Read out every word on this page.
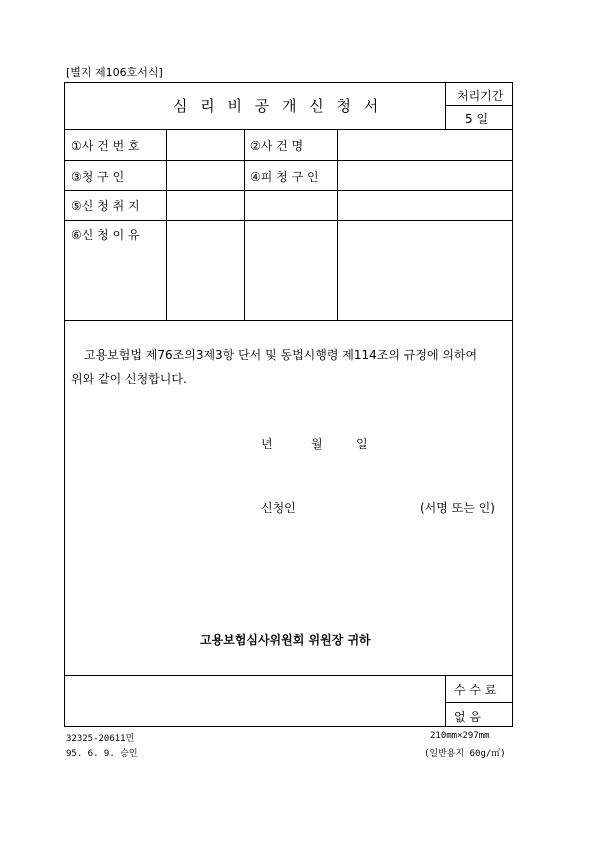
[별지 제106호서식]
심 리 비 공 개 신 청 서
처리기간
5 일
①사 건 번 호	②사 건 명
③청 구 인	④피 청 구 인
⑤신 청 취 지
⑥신 청 이 유
고용보험법 제76조의3제3항 단서 및 동법시행령 제114조의 규정에 의하여
위와 같이 신청합니다.
년	월	일
신청인	(서명 또는 인)
고용보험심사위원회 위원장 귀하
수 수 료
없 음
32325-20611민
95. 6. 9. 승인
210mm×297mm
(일반용지 60g/㎡)
